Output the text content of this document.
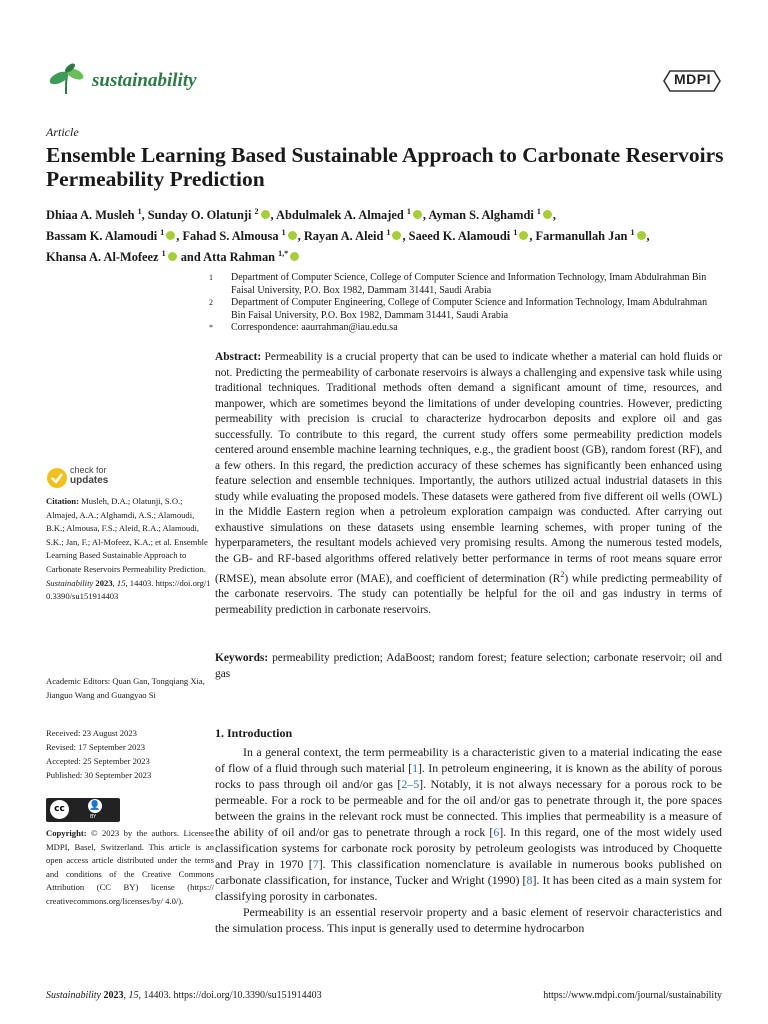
sustainability	MDPI
Article
Ensemble Learning Based Sustainable Approach to Carbonate Reservoirs Permeability Prediction
Dhiaa A. Musleh $^1$, Sunday O. Olatunji $^2$ , Abdulmalek A. Almajed $^1$ , Ayman S. Alghamdi $^1$ ,
Bassam K. Alamoudi $^1$ , Fahad S. Almousa $^1$ , Rayan A. Aleid $^1$ , Saeed K. Alamoudi $^1$ , Farmanullah Jan $^1$ ,
Khansa A. Al-Mofeez $^1$ and Atta Rahman $^{1,*}$
1 Department of Computer Science, College of Computer Science and Information Technology, Imam Abdulrahman Bin Faisal University, P.O. Box 1982, Dammam 31441, Saudi Arabia
2 Department of Computer Engineering, College of Computer Science and Information Technology, Imam Abdulrahman Bin Faisal University, P.O. Box 1982, Dammam 31441, Saudi Arabia
* Correspondence: aaurrahman@iau.edu.sa
Abstract: Permeability is a crucial property that can be used to indicate whether a material can hold fluids or not. Predicting the permeability of carbonate reservoirs is always a challenging and expensive task while using traditional techniques. Traditional methods often demand a significant amount of time, resources, and manpower, which are sometimes beyond the limitations of under developing countries. However, predicting permeability with precision is crucial to characterize hydrocarbon deposits and explore oil and gas successfully. To contribute to this regard, the current study offers some permeability prediction models centered around ensemble machine learning techniques, e.g., the gradient boost (GB), random forest (RF), and a few others. In this regard, the prediction accuracy of these schemes has significantly been enhanced using feature selection and ensemble techniques. Importantly, the authors utilized actual industrial datasets in this study while evaluating the proposed models. These datasets were gathered from five different oil wells (OWL) in the Middle Eastern region when a petroleum exploration campaign was conducted. After carrying out exhaustive simulations on these datasets using ensemble learning schemes, with proper tuning of the hyperparameters, the resultant models achieved very promising results. Among the numerous tested models, the GB- and RF-based algorithms offered relatively better performance in terms of root means square error (RMSE), mean absolute error (MAE), and coefficient of determination $(R^2)$ while predicting permeability of the carbonate reservoirs. The study can potentially be helpful for the oil and gas industry in terms of permeability prediction in carbonate reservoirs.
Keywords: permeability prediction; AdaBoost; random forest; feature selection; carbonate reservoir; oil and gas
check for
updates
Citation: Musleh, D.A.; Olatunji, S.O.; Almajed, A.A.; Alghamdi, A.S.; Alamoudi, B.K.; Almousa, F.S.; Aleid, R.A.; Alamoudi, S.K.; Jan, F.; Al-Mofeez, K.A.; et al. Ensemble Learning Based Sustainable Approach to Carbonate Reservoirs Permeability Prediction. Sustainability 2023, 15, 14403. https://doi.org/10.3390/su151914403
Academic Editors: Quan Gan, Tongqiang Xia, Jianguo Wang and Guangyao Si
Received: 23 August 2023
Revised: 17 September 2023
Accepted: 25 September 2023
Published: 30 September 2023
cc	👤
BY
Copyright: © 2023 by the authors. Licensee MDPI, Basel, Switzerland. This article is an open access article distributed under the terms and conditions of the Creative Commons Attribution (CC BY) license (https:// creativecommons.org/licenses/by/ 4.0/).
1. Introduction

In a general context, the term permeability is a characteristic given to a material indicating the ease of flow of a fluid through such material [1]. In petroleum engineering, it is known as the ability of porous rocks to pass through oil and/or gas [2–5]. Notably, it is not always necessary for a porous rock to be permeable. For a rock to be permeable and for the oil and/or gas to penetrate through it, the pore spaces between the grains in the relevant rock must be connected. This implies that permeability is a measure of the ability of oil and/or gas to penetrate through a rock [6]. In this regard, one of the most widely used classification systems for carbonate rock porosity by petroleum geologists was introduced by Choquette and Pray in 1970 [7]. This classification nomenclature is available in numerous books published on carbonate classification, for instance, Tucker and Wright (1990) [8]. It has been cited as a main system for classifying porosity in carbonates.

Permeability is an essential reservoir property and a basic element of reservoir characteristics and the simulation process. This input is generally used to determine hydrocarbon

Sustainability 2023, 15, 14403. https://doi.org/10.3390/su151914403	https://www.mdpi.com/journal/sustainability
